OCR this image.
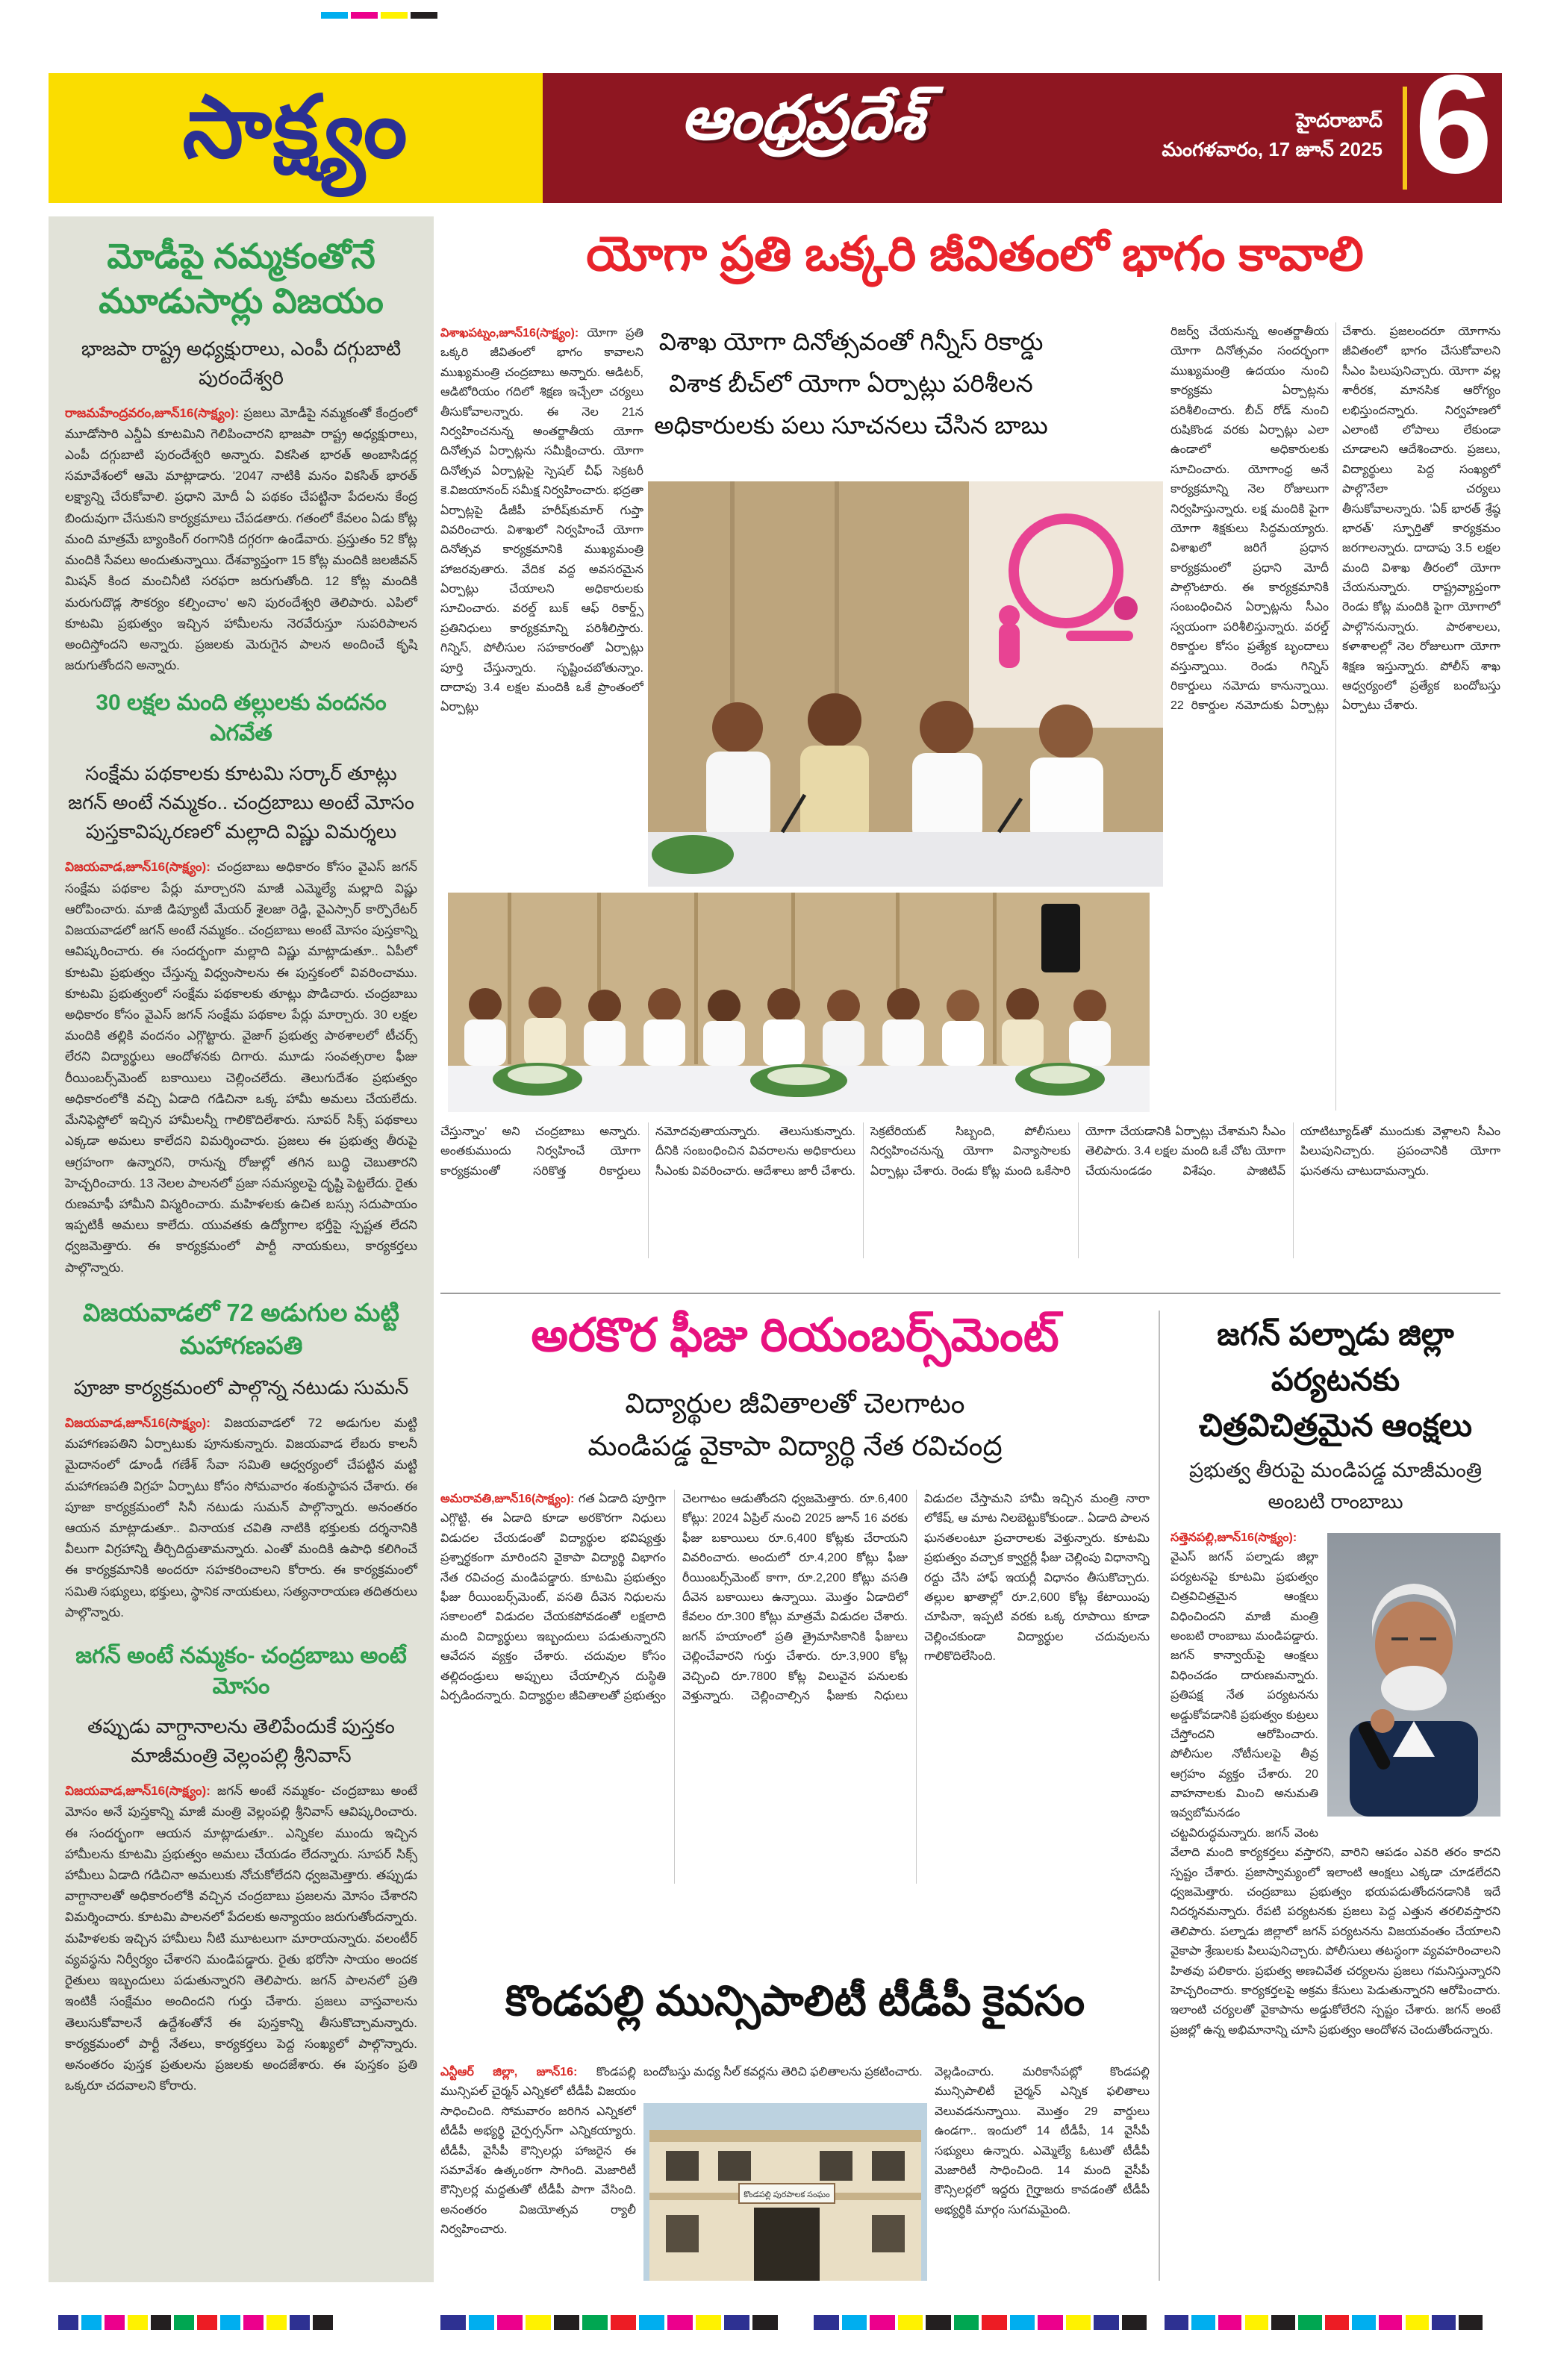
సాక్ష్యం	ఆంధ్రప్రదేశ్	హైదరాబాద్
మంగళవారం, 17 జూన్ 2025 6
మోడీపై నమ్మకంతోనే
మూడుసార్లు విజయం
భాజపా రాష్ట్ర అధ్యక్షురాలు, ఎంపీ దగ్గుబాటి పురందేశ్వరి
రాజమహేంద్రవరం,జూన్16(సాక్ష్యం): ప్రజలు మోడీపై నమ్మకంతో కేంద్రంలో మూడోసారి ఎన్డీఏ కూటమిని గెలిపించారని భాజపా రాష్ట్ర అధ్యక్షురాలు, ఎంపీ దగ్గుబాటి పురందేశ్వరి అన్నారు. వికసిత భారత్ అంబాసిడర్ల సమావేశంలో ఆమె మాట్లాడారు. '2047 నాటికి మనం వికసిత్ భారత్ లక్ష్యాన్ని చేరుకోవాలి. ప్రధాని మోదీ ఏ పథకం చేపట్టినా పేదలను కేంద్ర బిందువుగా చేసుకుని కార్యక్రమాలు చేపడతారు. గతంలో కేవలం ఏడు కోట్ల మంది మాత్రమే బ్యాంకింగ్ రంగానికి దగ్గరగా ఉండేవారు. ప్రస్తుతం 52 కోట్ల మందికి సేవలు అందుతున్నాయి. దేశవ్యాప్తంగా 15 కోట్ల మందికి జలజీవన్ మిషన్ కింద మంచినీటి సరఫరా జరుగుతోంది. 12 కోట్ల మందికి మరుగుదొడ్ల సౌకర్యం కల్పించాం' అని పురందేశ్వరి తెలిపారు. ఎపిలో కూటమి ప్రభుత్వం ఇచ్చిన హామీలను నెరవేరుస్తూ సుపరిపాలన అందిస్తోందని అన్నారు. ప్రజలకు మెరుగైన పాలన అందించే కృషి జరుగుతోందని అన్నారు.
30 లక్షల మంది తల్లులకు వందనం ఎగవేత
సంక్షేమ పథకాలకు కూటమి సర్కార్ తూట్లు
జగన్ అంటే నమ్మకం.. చంద్రబాబు అంటే మోసం
పుస్తకావిష్కరణలో మల్లాది విష్ణు విమర్శలు
విజయవాడ,జూన్16(సాక్ష్యం): చంద్రబాబు అధికారం కోసం వైఎస్ జగన్ సంక్షేమ పథకాల పేర్లు మార్చారని మాజీ ఎమ్మెల్యే మల్లాది విష్ణు ఆరోపించారు. మాజీ డిప్యూటీ మేయర్ శైలజా రెడ్డి, వైఎస్సార్ కార్పొరేటర్ విజయవాడలో జగన్ అంటే నమ్మకం.. చంద్రబాబు అంటే మోసం పుస్తకాన్ని ఆవిష్కరించారు. ఈ సందర్భంగా మల్లాది విష్ణు మాట్లాడుతూ.. ఏపీలో కూటమి ప్రభుత్వం చేస్తున్న విధ్వంసాలను ఈ పుస్తకంలో వివరించాము. కూటమి ప్రభుత్వంలో సంక్షేమ పథకాలకు తూట్లు పొడిచారు. చంద్రబాబు అధికారం కోసం వైఎస్ జగన్ సంక్షేమ పథకాల పేర్లు మార్చారు. 30 లక్షల మందికి తల్లికి వందనం ఎగ్గొట్టారు. వైజాగ్ ప్రభుత్వ పాఠశాలలో టీచర్స్ లేరని విద్యార్థులు ఆందోళనకు దిగారు. మూడు సంవత్సరాల ఫీజు రీయింబర్స్‌మెంట్ బకాయిలు చెల్లించలేదు. తెలుగుదేశం ప్రభుత్వం అధికారంలోకి వచ్చి ఏడాది గడిచినా ఒక్క హామీ అమలు చేయలేదు. మేనిఫెస్టోలో ఇచ్చిన హామీలన్నీ గాలికొదిలేశారు. సూపర్ సిక్స్ పథకాలు ఎక్కడా అమలు కాలేదని విమర్శించారు. ప్రజలు ఈ ప్రభుత్వ తీరుపై ఆగ్రహంగా ఉన్నారని, రానున్న రోజుల్లో తగిన బుద్ధి చెబుతారని హెచ్చరించారు. 13 నెలల పాలనలో ప్రజా సమస్యలపై దృష్టి పెట్టలేదు. రైతు రుణమాఫీ హామీని విస్మరించారు. మహిళలకు ఉచిత బస్సు సదుపాయం ఇప్పటికీ అమలు కాలేదు. యువతకు ఉద్యోగాల భర్తీపై స్పష్టత లేదని ధ్వజమెత్తారు. ఈ కార్యక్రమంలో పార్టీ నాయకులు, కార్యకర్తలు పాల్గొన్నారు.
విజయవాడలో 72 అడుగుల మట్టి మహాగణపతి
పూజా కార్యక్రమంలో పాల్గొన్న నటుడు సుమన్
విజయవాడ,జూన్16(సాక్ష్యం): విజయవాడలో 72 అడుగుల మట్టి మహాగణపతిని ఏర్పాటుకు పూనుకున్నారు. విజయవాడ లేబరు కాలనీ మైదానంలో డూండీ గణేశ్ సేవా సమితి ఆధ్వర్యంలో చేపట్టిన మట్టి మహాగణపతి విగ్రహ ఏర్పాటు కోసం సోమవారం శంకుస్థాపన చేశారు. ఈ పూజా కార్యక్రమంలో సినీ నటుడు సుమన్ పాల్గొన్నారు. అనంతరం ఆయన మాట్లాడుతూ.. వినాయక చవితి నాటికి భక్తులకు దర్శనానికి వీలుగా విగ్రహాన్ని తీర్చిదిద్దుతామన్నారు. ఎంతో మందికి ఉపాధి కలిగించే ఈ కార్యక్రమానికి అందరూ సహకరించాలని కోరారు. ఈ కార్యక్రమంలో సమితి సభ్యులు, భక్తులు, స్థానిక నాయకులు, సత్యనారాయణ తదితరులు పాల్గొన్నారు.
జగన్ అంటే నమ్మకం- చంద్రబాబు అంటే మోసం
తప్పుడు వాగ్దానాలను తెలిపేందుకే పుస్తకం
మాజీమంత్రి వెల్లంపల్లి శ్రీనివాస్
విజయవాడ,జూన్16(సాక్ష్యం): జగన్ అంటే నమ్మకం- చంద్రబాబు అంటే మోసం అనే పుస్తకాన్ని మాజీ మంత్రి వెల్లంపల్లి శ్రీనివాస్ ఆవిష్కరించారు. ఈ సందర్భంగా ఆయన మాట్లాడుతూ.. ఎన్నికల ముందు ఇచ్చిన హామీలను కూటమి ప్రభుత్వం అమలు చేయడం లేదన్నారు. సూపర్ సిక్స్ హామీలు ఏడాది గడిచినా అమలుకు నోచుకోలేదని ధ్వజమెత్తారు. తప్పుడు వాగ్దానాలతో అధికారంలోకి వచ్చిన చంద్రబాబు ప్రజలను మోసం చేశారని విమర్శించారు. కూటమి పాలనలో పేదలకు అన్యాయం జరుగుతోందన్నారు. మహిళలకు ఇచ్చిన హామీలు నీటి మూటలుగా మారాయన్నారు. వలంటీర్ వ్యవస్థను నిర్వీర్యం చేశారని మండిపడ్డారు. రైతు భరోసా సాయం అందక రైతులు ఇబ్బందులు పడుతున్నారని తెలిపారు. జగన్ పాలనలో ప్రతి ఇంటికీ సంక్షేమం అందిందని గుర్తు చేశారు. ప్రజలు వాస్తవాలను తెలుసుకోవాలనే ఉద్దేశంతోనే ఈ పుస్తకాన్ని తీసుకొచ్చామన్నారు. కార్యక్రమంలో పార్టీ నేతలు, కార్యకర్తలు పెద్ద సంఖ్యలో పాల్గొన్నారు. అనంతరం పుస్తక ప్రతులను ప్రజలకు అందజేశారు. ఈ పుస్తకం ప్రతి ఒక్కరూ చదవాలని కోరారు.
యోగా ప్రతి ఒక్కరి జీవితంలో భాగం కావాలి
విశాఖ యోగా దినోత్సవంతో గిన్నీస్ రికార్డు
విశాక బీచ్‌లో యోగా ఏర్పాట్లు పరిశీలన
అధికారులకు పలు సూచనలు చేసిన బాబు
విశాఖపట్నం,జూన్16(సాక్ష్యం): యోగా ప్రతి ఒక్కరి జీవితంలో భాగం కావాలని ముఖ్యమంత్రి చంద్రబాబు అన్నారు. ఆడిటర్, ఆడిటోరియం గదిలో శిక్షణ ఇచ్చేలా చర్యలు తీసుకోవాలన్నారు. ఈ నెల 21న నిర్వహించనున్న అంతర్జాతీయ యోగా దినోత్సవ ఏర్పాట్లను సమీక్షించారు. యోగా దినోత్సవ ఏర్పాట్లపై స్పెషల్ చీఫ్ సెక్రటరీ కె.విజయానంద్ సమీక్ష నిర్వహించారు. భద్రతా ఏర్పాట్లపై డీజీపీ హరీష్‌కుమార్ గుప్తా వివరించారు. విశాఖలో నిర్వహించే యోగా దినోత్సవ కార్యక్రమానికి ముఖ్యమంత్రి హాజరవుతారు. వేదిక వద్ద అవసరమైన ఏర్పాట్లు చేయాలని అధికారులకు సూచించారు. వరల్డ్ బుక్ ఆఫ్ రికార్డ్స్ ప్రతినిధులు కార్యక్రమాన్ని పరిశీలిస్తారు. గిన్నిస్, పోలీసుల సహకారంతో ఏర్పాట్లు పూర్తి చేస్తున్నారు. సృష్టించబోతున్నాం. దాదాపు 3.4 లక్షల మందికి ఒకే ప్రాంతంలో ఏర్పాట్లు
రిజర్వ్ చేయనున్న అంతర్జాతీయ యోగా దినోత్సవం సందర్భంగా ముఖ్యమంత్రి ఉదయం నుంచి కార్యక్రమ ఏర్పాట్లను పరిశీలించారు. బీచ్ రోడ్ నుంచి రుషికొండ వరకు ఏర్పాట్లు ఎలా ఉండాలో అధికారులకు సూచించారు. యోగాంధ్ర అనే కార్యక్రమాన్ని నెల రోజులుగా నిర్వహిస్తున్నారు. లక్ష మందికి పైగా యోగా శిక్షకులు సిద్ధమయ్యారు. విశాఖలో జరిగే ప్రధాన కార్యక్రమంలో ప్రధాని మోదీ పాల్గొంటారు. ఈ కార్యక్రమానికి సంబంధించిన ఏర్పాట్లను సీఎం స్వయంగా పరిశీలిస్తున్నారు. వరల్డ్ రికార్డుల కోసం ప్రత్యేక బృందాలు వస్తున్నాయి. రెండు గిన్నిస్ రికార్డులు నమోదు కానున్నాయి. 22 రికార్డుల నమోదుకు ఏర్పాట్లు చేశారు. ప్రజలందరూ యోగాను జీవితంలో భాగం చేసుకోవాలని సీఎం పిలుపునిచ్చారు. యోగా వల్ల శారీరక, మానసిక ఆరోగ్యం లభిస్తుందన్నారు. నిర్వహణలో ఎలాంటి లోపాలు లేకుండా చూడాలని ఆదేశించారు. ప్రజలు, విద్యార్థులు పెద్ద సంఖ్యలో పాల్గొనేలా చర్యలు తీసుకోవాలన్నారు. 'ఏక్ భారత్ శ్రేష్ఠ భారత్' స్ఫూర్తితో కార్యక్రమం జరగాలన్నారు. దాదాపు 3.5 లక్షల మంది విశాఖ తీరంలో యోగా చేయనున్నారు. రాష్ట్రవ్యాప్తంగా రెండు కోట్ల మందికి పైగా యోగాలో పాల్గొననున్నారు. పాఠశాలలు, కళాశాలల్లో నెల రోజులుగా యోగా శిక్షణ ఇస్తున్నారు. పోలీస్ శాఖ ఆధ్వర్యంలో ప్రత్యేక బందోబస్తు ఏర్పాటు చేశారు.
చేస్తున్నాం' అని చంద్రబాబు అన్నారు. అంతకుముందు నిర్వహించే యోగా కార్యక్రమంతో సరికొత్త రికార్డులు నమోదవుతాయన్నారు. తెలుసుకున్నారు. దీనికి సంబంధించిన వివరాలను అధికారులు సీఎంకు వివరించారు. ఆదేశాలు జారీ చేశారు. సెక్రటేరియట్ సిబ్బంది, పోలీసులు నిర్వహించనున్న యోగా విన్యాసాలకు ఏర్పాట్లు చేశారు. రెండు కోట్ల మంది ఒకేసారి యోగా చేయడానికి ఏర్పాట్లు చేశామని సీఎం తెలిపారు. 3.4 లక్షల మంది ఒకే చోట యోగా చేయనుండడం విశేషం. పాజిటివ్ యాటిట్యూడ్‌తో ముందుకు వెళ్లాలని సీఎం పిలుపునిచ్చారు. ప్రపంచానికి యోగా ఘనతను చాటుదామన్నారు.
అరకొర ఫీజు రియంబర్స్‌మెంట్
విద్యార్థుల జీవితాలతో చెలగాటం
మండిపడ్డ వైకాపా విద్యార్థి నేత రవిచంద్ర
అమరావతి,జూన్16(సాక్ష్యం): గత ఏడాది పూర్తిగా ఎగ్గొట్టి, ఈ ఏడాది కూడా అరకొరగా నిధులు విడుదల చేయడంతో విద్యార్థుల భవిష్యత్తు ప్రశ్నార్థకంగా మారిందని వైకాపా విద్యార్థి విభాగం నేత రవిచంద్ర మండిపడ్డారు. కూటమి ప్రభుత్వం ఫీజు రీయింబర్స్‌మెంట్, వసతి దీవెన నిధులను సకాలంలో విడుదల చేయకపోవడంతో లక్షలాది మంది విద్యార్థులు ఇబ్బందులు పడుతున్నారని ఆవేదన వ్యక్తం చేశారు. చదువుల కోసం తల్లిదండ్రులు అప్పులు చేయాల్సిన దుస్థితి ఏర్పడిందన్నారు. విద్యార్థుల జీవితాలతో ప్రభుత్వం చెలగాటం ఆడుతోందని ధ్వజమెత్తారు. రూ.6,400 కోట్లు: 2024 ఏప్రిల్ నుంచి 2025 జూన్ 16 వరకు ఫీజు బకాయిలు రూ.6,400 కోట్లకు చేరాయని వివరించారు. అందులో రూ.4,200 కోట్లు ఫీజు రీయింబర్స్‌మెంట్ కాగా, రూ.2,200 కోట్లు వసతి దీవెన బకాయిలు ఉన్నాయి. మొత్తం ఏడాదిలో కేవలం రూ.300 కోట్లు మాత్రమే విడుదల చేశారు. జగన్ హయాంలో ప్రతి త్రైమాసికానికి ఫీజులు చెల్లించేవారని గుర్తు చేశారు. రూ.3,900 కోట్ల వెచ్చించి రూ.7800 కోట్ల విలువైన పనులకు వెళ్తున్నారు. చెల్లించాల్సిన ఫీజుకు నిధులు విడుదల చేస్తామని హామీ ఇచ్చిన మంత్రి నారా లోకేష్, ఆ మాట నిలబెట్టుకోకుండా.. ఏడాది పాలన ఘనతలంటూ ప్రచారాలకు వెళ్తున్నారు. కూటమి ప్రభుత్వం వచ్చాక క్వార్టర్లీ ఫీజు చెల్లింపు విధానాన్ని రద్దు చేసి హాఫ్ ఇయర్లీ విధానం తీసుకొచ్చారు. తల్లుల ఖాతాల్లో రూ.2,600 కోట్ల కేటాయింపు చూపినా, ఇప్పటి వరకు ఒక్క రూపాయి కూడా చెల్లించకుండా విద్యార్థుల చదువులను గాలికొదిలేసింది.
జగన్ పల్నాడు జిల్లా
పర్యటనకు
చిత్రవిచిత్రమైన ఆంక్షలు
ప్రభుత్వ తీరుపై మండిపడ్డ మాజీమంత్రి
అంబటి రాంబాబు
సత్తెనపల్లి,జూన్16(సాక్ష్యం): వైఎస్ జగన్ పల్నాడు జిల్లా పర్యటనపై కూటమి ప్రభుత్వం చిత్రవిచిత్రమైన ఆంక్షలు విధించిందని మాజీ మంత్రి అంబటి రాంబాబు మండిపడ్డారు. జగన్ కాన్వాయ్‌పై ఆంక్షలు విధించడం దారుణమన్నారు. ప్రతిపక్ష నేత పర్యటనను అడ్డుకోవడానికి ప్రభుత్వం కుట్రలు చేస్తోందని ఆరోపించారు. పోలీసుల నోటీసులపై తీవ్ర ఆగ్రహం వ్యక్తం చేశారు. 20 వాహనాలకు మించి అనుమతి ఇవ్వబోమనడం చట్టవిరుద్ధమన్నారు. జగన్ వెంట వేలాది మంది కార్యకర్తలు వస్తారని, వారిని ఆపడం ఎవరి తరం కాదని స్పష్టం చేశారు. ప్రజాస్వామ్యంలో ఇలాంటి ఆంక్షలు ఎక్కడా చూడలేదని ధ్వజమెత్తారు. చంద్రబాబు ప్రభుత్వం భయపడుతోందనడానికి ఇదే నిదర్శనమన్నారు. రేపటి పర్యటనకు ప్రజలు పెద్ద ఎత్తున తరలివస్తారని తెలిపారు. పల్నాడు జిల్లాలో జగన్ పర్యటనను విజయవంతం చేయాలని వైకాపా శ్రేణులకు పిలుపునిచ్చారు. పోలీసులు తటస్థంగా వ్యవహరించాలని హితవు పలికారు. ప్రభుత్వ అణచివేత చర్యలను ప్రజలు గమనిస్తున్నారని హెచ్చరించారు. కార్యకర్తలపై అక్రమ కేసులు పెడుతున్నారని ఆరోపించారు. ఇలాంటి చర్యలతో వైకాపాను అడ్డుకోలేరని స్పష్టం చేశారు. జగన్ అంటే ప్రజల్లో ఉన్న అభిమానాన్ని చూసి ప్రభుత్వం ఆందోళన చెందుతోందన్నారు.
కొండపల్లి మున్సిపాలిటీ టీడీపీ కైవసం
ఎన్టీఆర్ జిల్లా, జూన్16: కొండపల్లి మున్సిపల్ చైర్మన్ ఎన్నికలో టీడీపీ విజయం సాధించింది. సోమవారం జరిగిన ఎన్నికలో టీడీపీ అభ్యర్థి చైర్పర్సన్‌గా ఎన్నికయ్యారు. టీడీపీ, వైసీపీ కౌన్సిలర్లు హాజరైన ఈ సమావేశం ఉత్కంఠగా సాగింది. మెజారిటీ కౌన్సిలర్ల మద్దతుతో టీడీపీ పాగా వేసింది. అనంతరం విజయోత్సవ ర్యాలీ నిర్వహించారు.
బందోబస్తు మధ్య సీల్ కవర్లను తెరిచి ఫలితాలను ప్రకటించారు.
కొండపల్లి పురపాలక సంఘం
వెల్లడించారు. మరికాసేపట్లో కొండపల్లి మున్సిపాలిటీ చైర్మన్ ఎన్నిక ఫలితాలు వెలువడనున్నాయి. మొత్తం 29 వార్డులు ఉండగా.. ఇందులో 14 టీడీపీ, 14 వైసీపీ సభ్యులు ఉన్నారు. ఎమ్మెల్యే ఓటుతో టీడీపీ మెజారిటీ సాధించింది. 14 మంది వైసీపీ కౌన్సిలర్లలో ఇద్దరు గైర్హాజరు కావడంతో టీడీపీ అభ్యర్థికి మార్గం సుగమమైంది.
